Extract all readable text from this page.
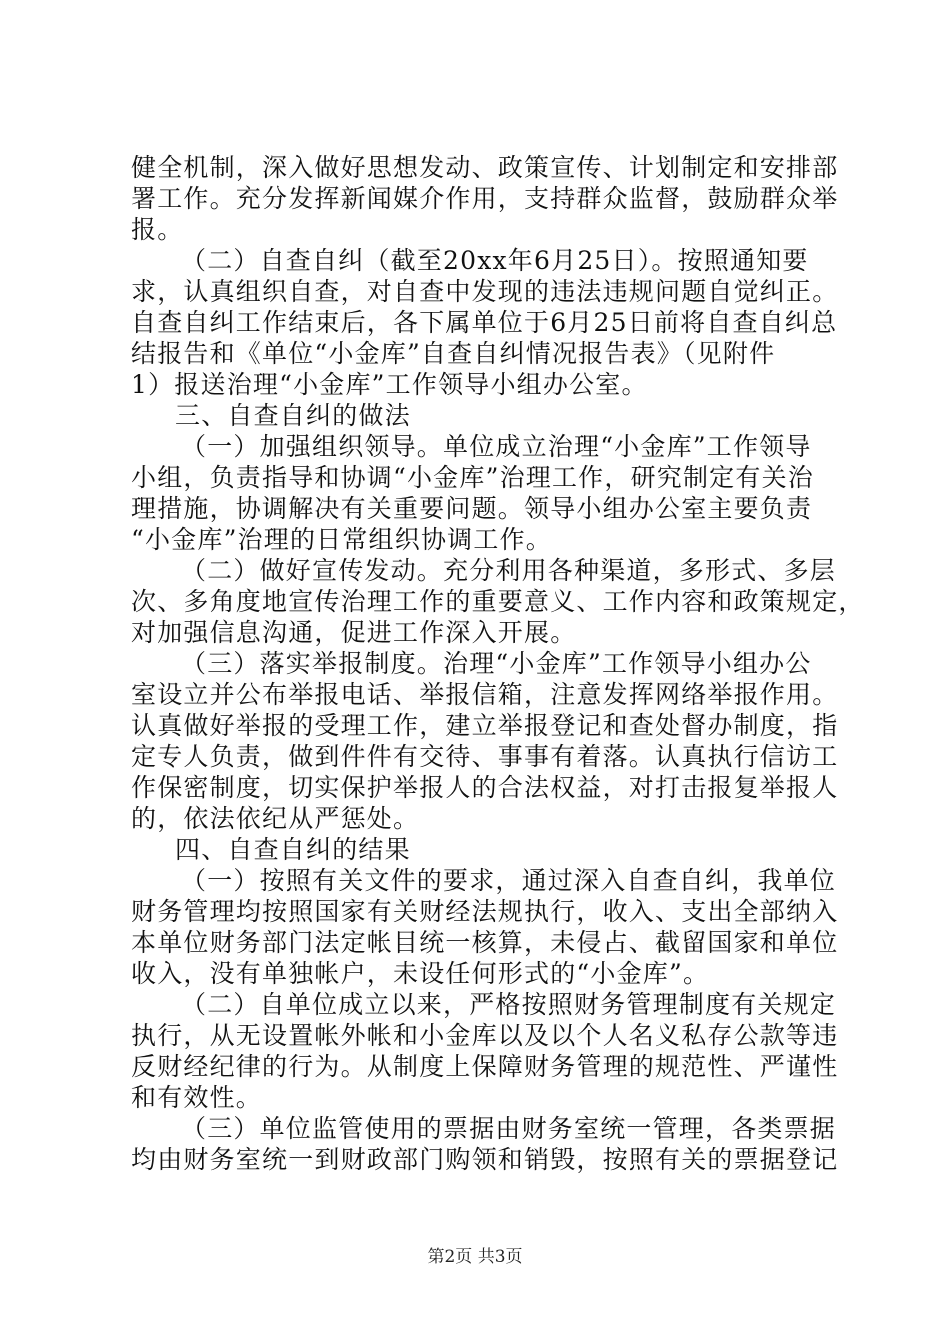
健全机制，深入做好思想发动、政策宣传、计划制定和安排部
署工作。充分发挥新闻媒介作用，支持群众监督，鼓励群众举
报。
（二）自查自纠（截至20xx年6月25日）。按照通知要
求，认真组织自查，对自查中发现的违法违规问题自觉纠正。
自查自纠工作结束后，各下属单位于6月25日前将自查自纠总
结报告和《单位“小金库”自查自纠情况报告表》（见附件
1）报送治理“小金库”工作领导小组办公室。
三、自查自纠的做法
（一）加强组织领导。单位成立治理“小金库”工作领导
小组，负责指导和协调“小金库”治理工作，研究制定有关治
理措施，协调解决有关重要问题。领导小组办公室主要负责
“小金库”治理的日常组织协调工作。
（二）做好宣传发动。充分利用各种渠道，多形式、多层
次、多角度地宣传治理工作的重要意义、工作内容和政策规定，
对加强信息沟通，促进工作深入开展。
（三）落实举报制度。治理“小金库”工作领导小组办公
室设立并公布举报电话、举报信箱，注意发挥网络举报作用。
认真做好举报的受理工作，建立举报登记和查处督办制度，指
定专人负责，做到件件有交待、事事有着落。认真执行信访工
作保密制度，切实保护举报人的合法权益，对打击报复举报人
的，依法依纪从严惩处。
四、自查自纠的结果
（一）按照有关文件的要求，通过深入自查自纠，我单位
财务管理均按照国家有关财经法规执行，收入、支出全部纳入
本单位财务部门法定帐目统一核算，未侵占、截留国家和单位
收入，没有单独帐户，未设任何形式的“小金库”。
（二）自单位成立以来，严格按照财务管理制度有关规定
执行，从无设置帐外帐和小金库以及以个人名义私存公款等违
反财经纪律的行为。从制度上保障财务管理的规范性、严谨性
和有效性。
（三）单位监管使用的票据由财务室统一管理，各类票据
均由财务室统一到财政部门购领和销毁，按照有关的票据登记
第2页 共3页
